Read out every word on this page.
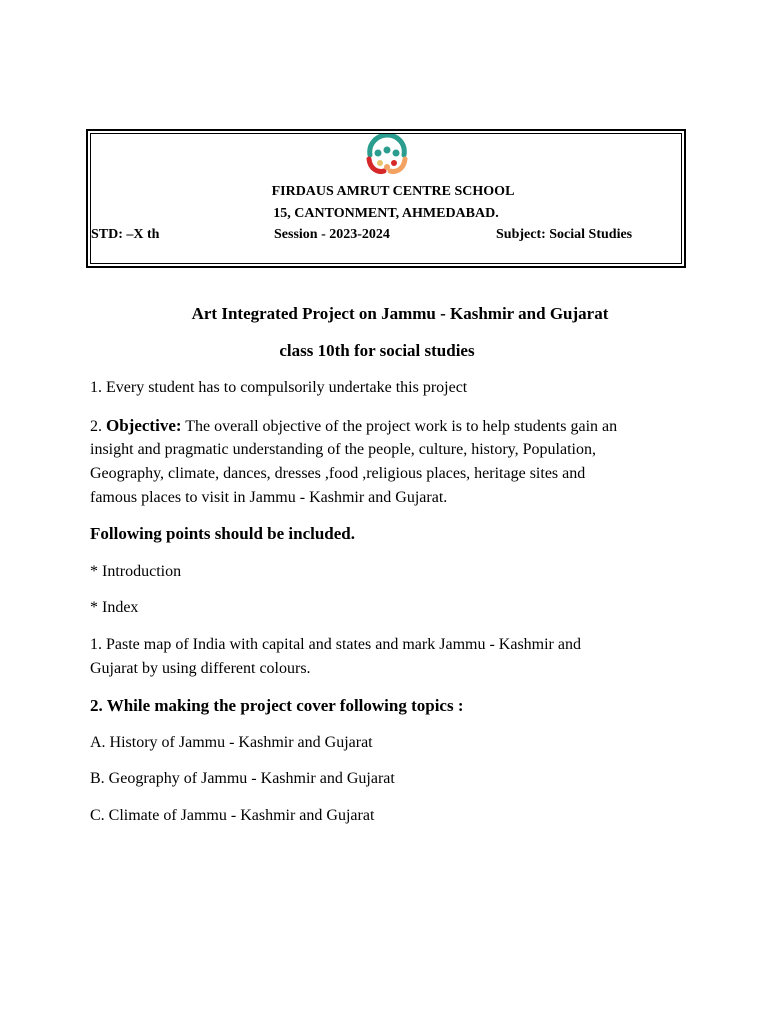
FIRDAUS AMRUT CENTRE SCHOOL
15, CANTONMENT, AHMEDABAD.
STD: –X th	Session - 2023-2024	Subject: Social Studies
Art Integrated Project on Jammu - Kashmir and Gujarat
class 10th for social studies
1. Every student has to compulsorily undertake this project
2. Objective: The overall objective of the project work is to help students gain an
insight and pragmatic understanding of the people, culture, history, Population,
Geography, climate, dances, dresses ,food ,religious places, heritage sites and
famous places to visit in Jammu - Kashmir and Gujarat.
Following points should be included.
* Introduction
* Index
1. Paste map of India with capital and states and mark Jammu - Kashmir and
Gujarat by using different colours.
2. While making the project cover following topics :
A. History of Jammu - Kashmir and Gujarat
B. Geography of Jammu - Kashmir and Gujarat
C. Climate of Jammu - Kashmir and Gujarat
